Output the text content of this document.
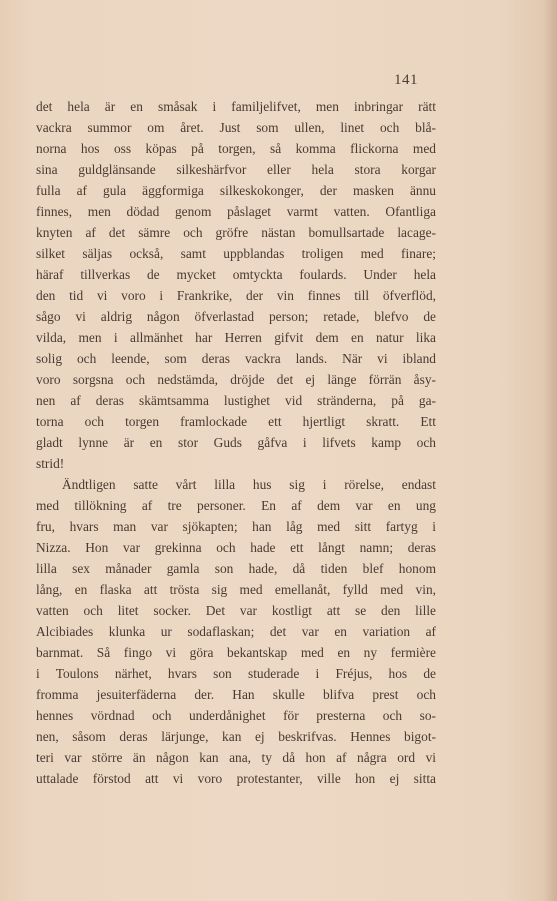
141
det hela är en småsak i familjelifvet, men inbringar rätt
vackra summor om året. Just som ullen, linet och blå-
norna hos oss köpas på torgen, så komma flickorna med
sina guldglänsande silkeshärfvor eller hela stora korgar
fulla af gula äggformiga silkeskokonger, der masken ännu
finnes, men dödad genom påslaget varmt vatten. Ofantliga
knyten af det sämre och gröfre nästan bomullsartade lacage-
silket säljas också, samt uppblandas troligen med finare;
häraf tillverkas de mycket omtyckta foulards. Under hela
den tid vi voro i Frankrike, der vin finnes till öfverflöd,
sågo vi aldrig någon öfverlastad person; retade, blefvo de
vilda, men i allmänhet har Herren gifvit dem en natur lika
solig och leende, som deras vackra lands. När vi ibland
voro sorgsna och nedstämda, dröjde det ej länge förrän åsy-
nen af deras skämtsamma lustighet vid stränderna, på ga-
torna och torgen framlockade ett hjertligt skratt. Ett
gladt lynne är en stor Guds gåfva i lifvets kamp och
strid!
Ändtligen satte vårt lilla hus sig i rörelse, endast
med tillökning af tre personer. En af dem var en ung
fru, hvars man var sjökapten; han låg med sitt fartyg i
Nizza. Hon var grekinna och hade ett långt namn; deras
lilla sex månader gamla son hade, då tiden blef honom
lång, en flaska att trösta sig med emellanåt, fylld med vin,
vatten och litet socker. Det var kostligt att se den lille
Alcibiades klunka ur sodaflaskan; det var en variation af
barnmat. Så fingo vi göra bekantskap med en ny fermière
i Toulons närhet, hvars son studerade i Fréjus, hos de
fromma jesuiterfäderna der. Han skulle blifva prest och
hennes vördnad och underdånighet för presterna och so-
nen, såsom deras lärjunge, kan ej beskrifvas. Hennes bigot-
teri var större än någon kan ana, ty då hon af några ord vi
uttalade förstod att vi voro protestanter, ville hon ej sitta
